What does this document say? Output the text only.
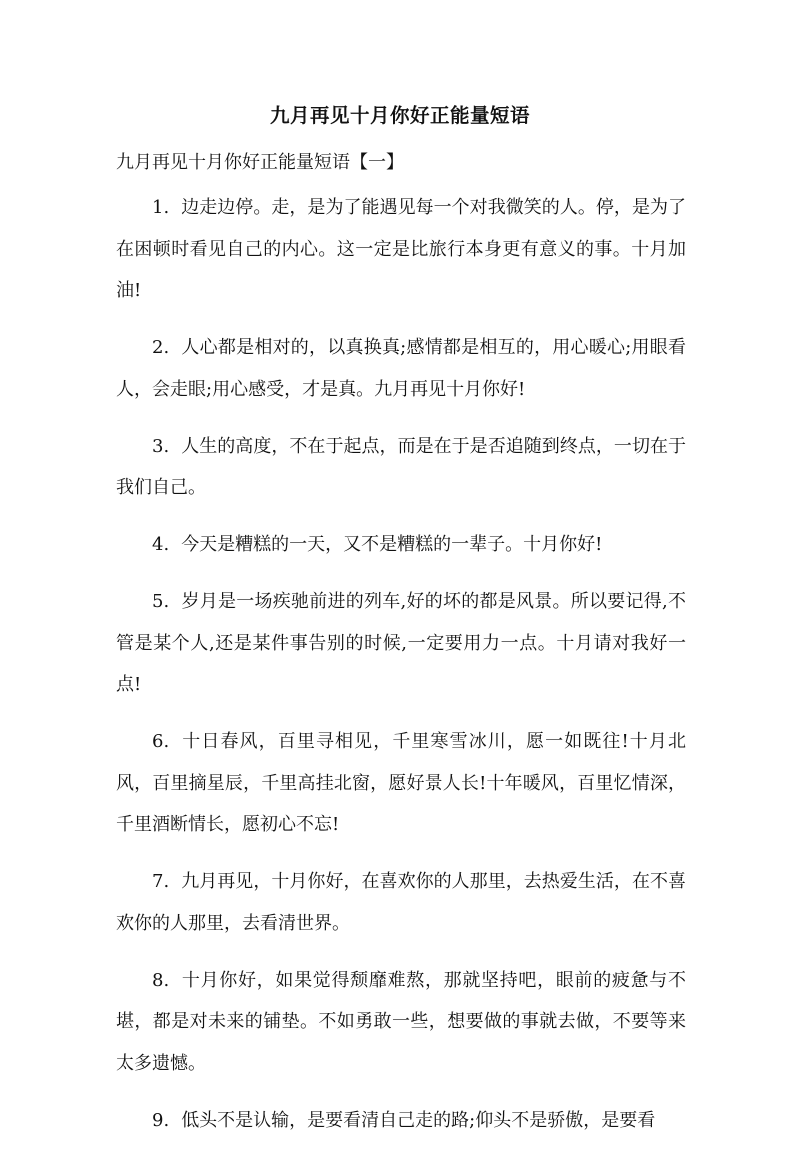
九月再见十月你好正能量短语
九月再见十月你好正能量短语【一】

1. 边走边停。走，是为了能遇见每一个对我微笑的人。停，是为了在困顿时看见自己的内心。这一定是比旅行本身更有意义的事。十月加油!

2. 人心都是相对的，以真换真;感情都是相互的，用心暖心;用眼看人，会走眼;用心感受，才是真。九月再见十月你好!

3. 人生的高度，不在于起点，而是在于是否追随到终点，一切在于我们自己。

4. 今天是糟糕的一天，又不是糟糕的一辈子。十月你好!

5. 岁月是一场疾驰前进的列车,好的坏的都是风景。所以要记得,不管是某个人,还是某件事告别的时候,一定要用力一点。十月请对我好一点!

6. 十日春风，百里寻相见，千里寒雪冰川，愿一如既往!十月北风，百里摘星辰，千里高挂北窗，愿好景人长!十年暖风，百里忆情深，千里酒断情长，愿初心不忘!

7. 九月再见，十月你好，在喜欢你的人那里，去热爱生活，在不喜欢你的人那里，去看清世界。

8. 十月你好，如果觉得颓靡难熬，那就坚持吧，眼前的疲惫与不堪，都是对未来的铺垫。不如勇敢一些，想要做的事就去做，不要等来太多遗憾。

9. 低头不是认输，是要看清自己走的路;仰头不是骄傲，是要看
